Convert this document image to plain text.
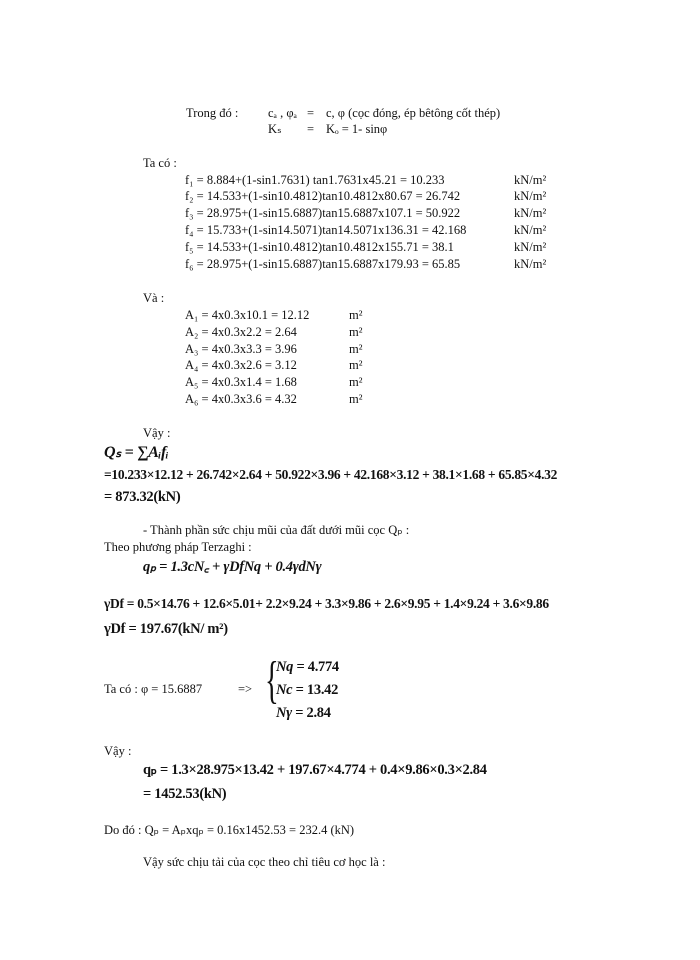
Trong đó : cₐ , φₐ = c, φ (cọc đóng, ép bêtông cốt thép)
Kₛ = Kₒ = 1- sinφ
Ta có :
f₁ = 8.884+(1-sin1.7631) tan1.7631x45.21 = 10.233	kN/m²
f₂ = 14.533+(1-sin10.4812)tan10.4812x80.67 = 26.742	kN/m²
f₃ = 28.975+(1-sin15.6887)tan15.6887x107.1 = 50.922	kN/m²
f₄ = 15.733+(1-sin14.5071)tan14.5071x136.31 = 42.168	kN/m²
f₅ = 14.533+(1-sin10.4812)tan10.4812x155.71 = 38.1	kN/m²
f₆ = 28.975+(1-sin15.6887)tan15.6887x179.93 = 65.85	kN/m²
Và :
A₁ = 4x0.3x10.1 = 12.12	m²
A₂ = 4x0.3x2.2 = 2.64	m²
A₃ = 4x0.3x3.3 = 3.96	m²
A₄ = 4x0.3x2.6 = 3.12	m²
A₅ = 4x0.3x1.4 = 1.68	m²
A₆ = 4x0.3x3.6 = 4.32	m²
Vậy :
Qₛ = ∑Aᵢfᵢ
=10.233×12.12 + 26.742×2.64 + 50.922×3.96 + 42.168×3.12 + 38.1×1.68 + 65.85×4.32
= 873.32(kN)
- Thành phần sức chịu mũi của đất dưới mũi cọc Qₚ :
Theo phương pháp Terzaghi :
qₚ = 1.3cN꜀ + γDfNq + 0.4γdNγ
γDf = 0.5×14.76 + 12.6×5.01+ 2.2×9.24 + 3.3×9.86 + 2.6×9.95 + 1.4×9.24 + 3.6×9.86
γDf = 197.67(kN/ m²)
Ta có : φ = 15.6887	=> {
Nq = 4.774
Nc = 13.42
Nγ = 2.84
Vậy :
qₚ = 1.3×28.975×13.42 + 197.67×4.774 + 0.4×9.86×0.3×2.84
= 1452.53(kN)
Do đó : Qₚ = Aₚxqₚ = 0.16x1452.53 = 232.4 (kN)
Vậy sức chịu tải của cọc theo chỉ tiêu cơ học là :
